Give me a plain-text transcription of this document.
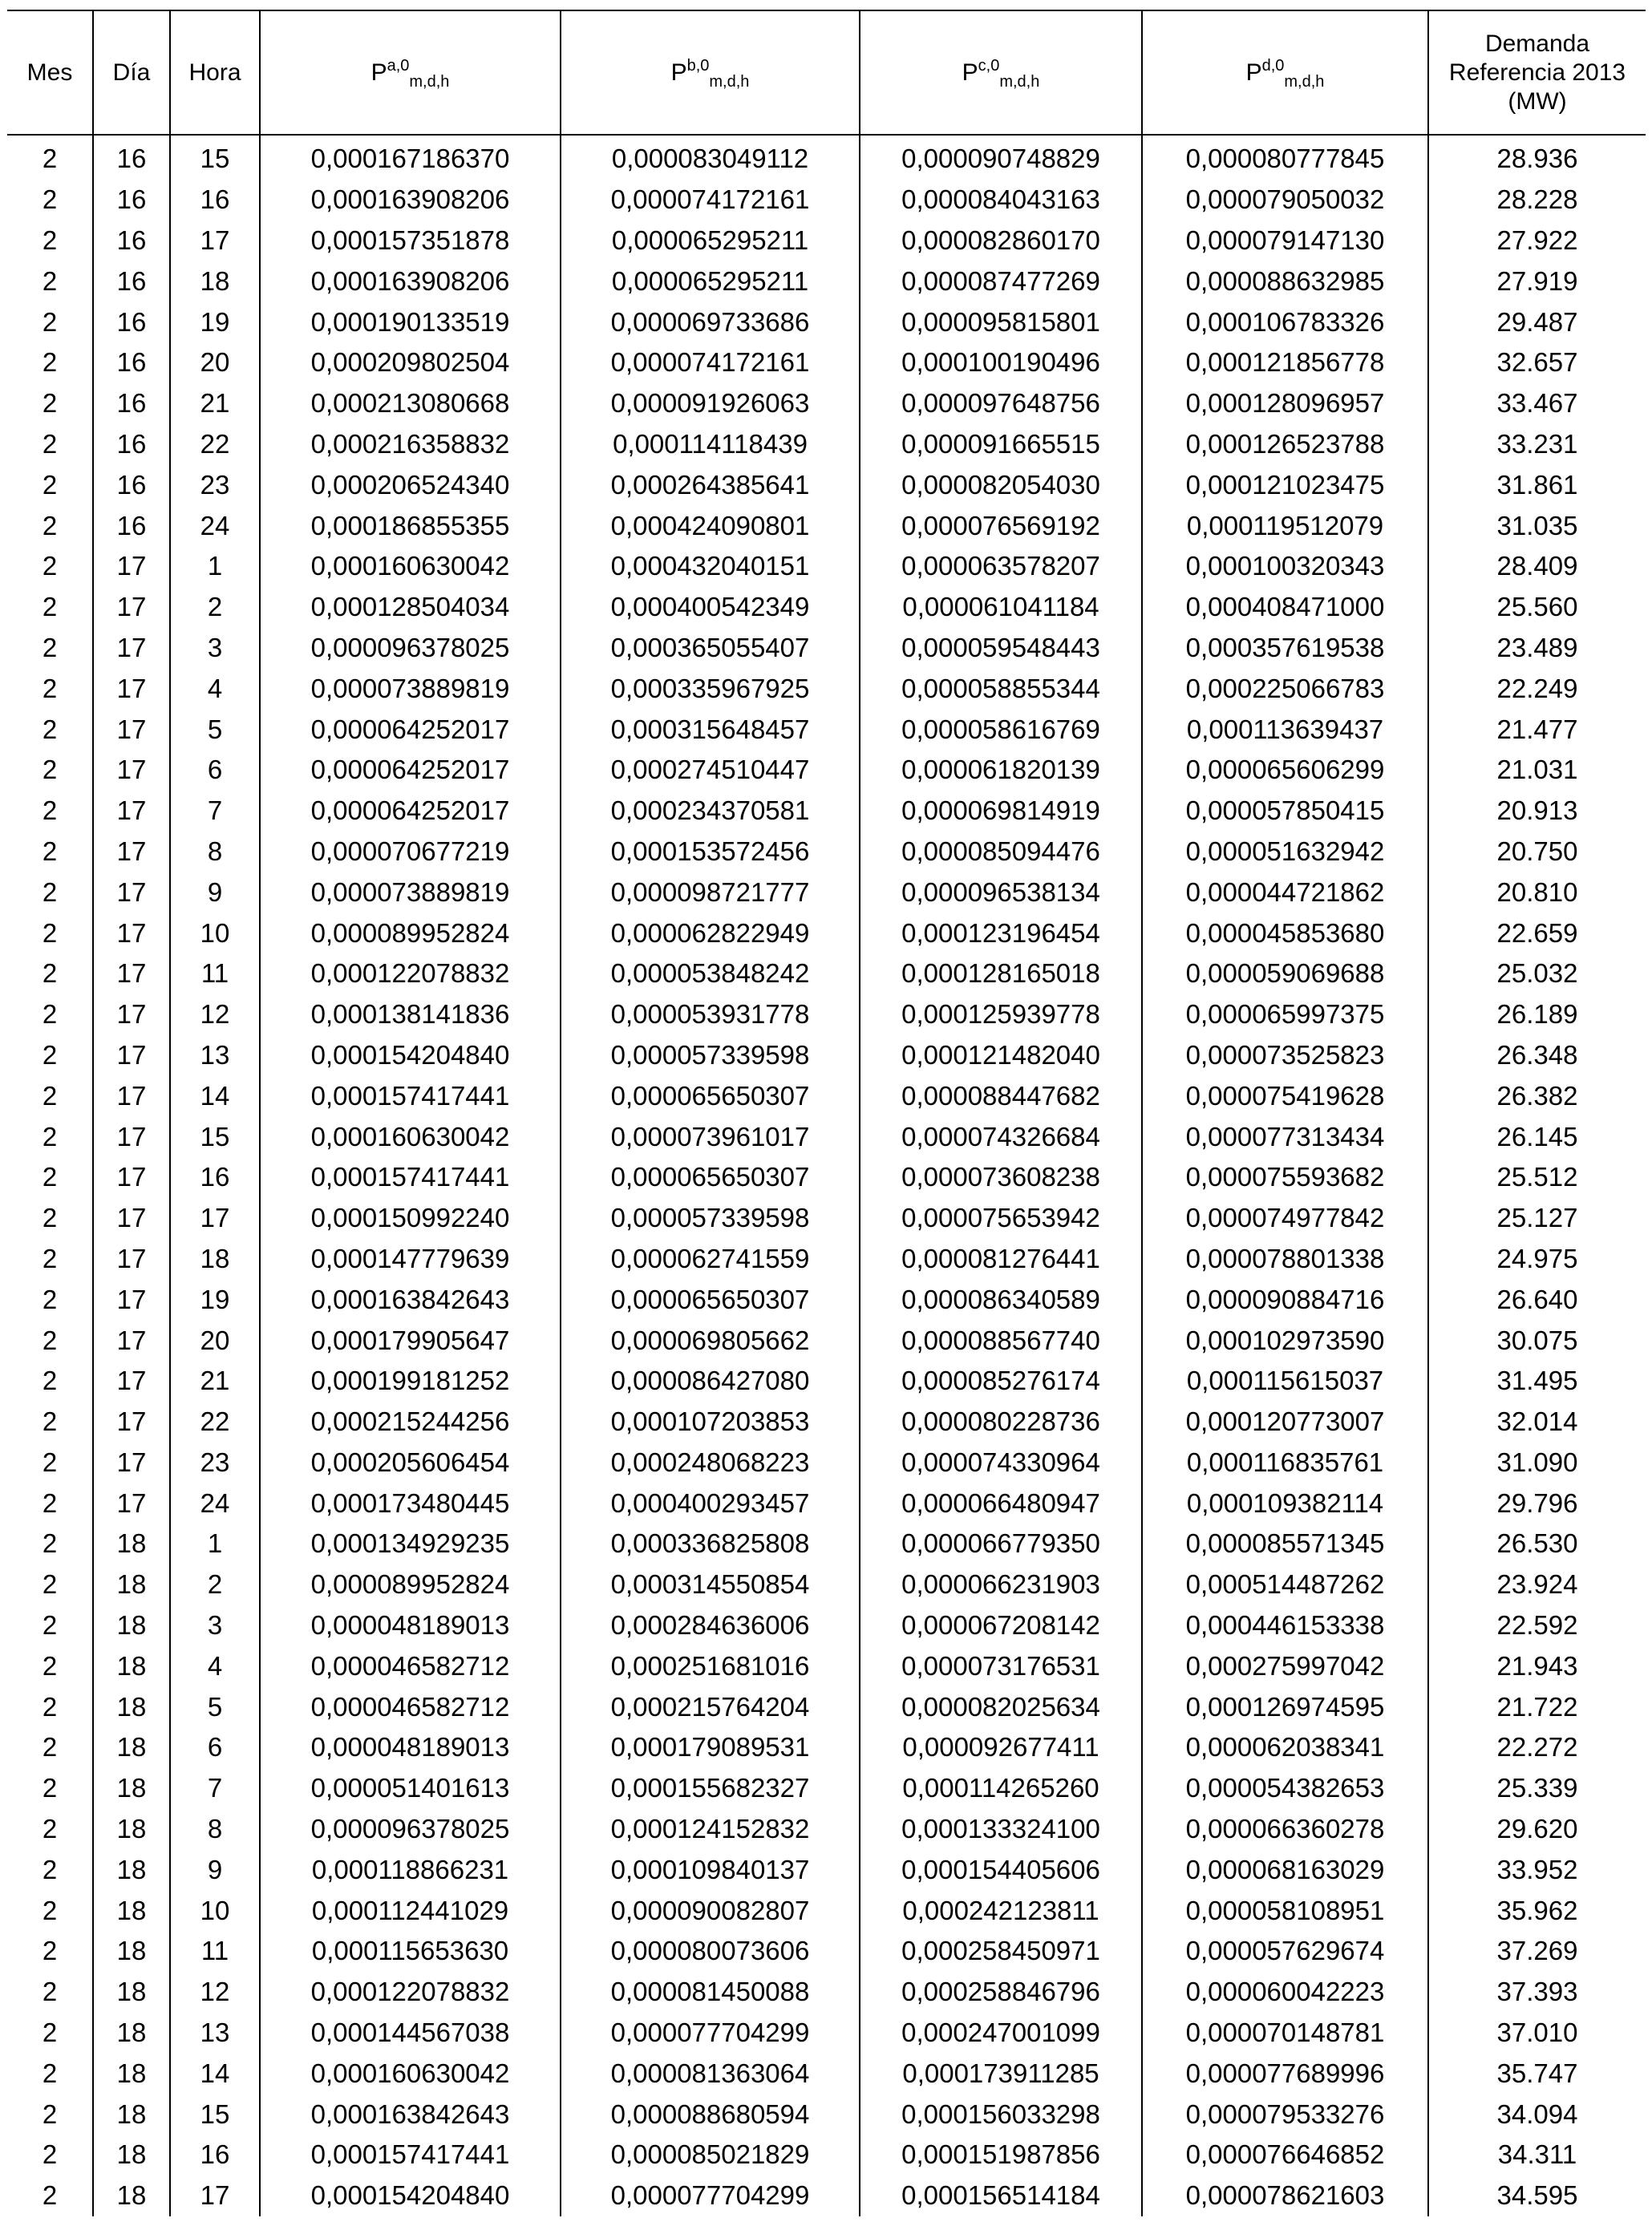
Mes	Día	Hora	P$^{a,0}_{m,d,h}$	P$^{b,0}_{m,d,h}$	P$^{c,0}_{m,d,h}$	P$^{d,0}_{m,d,h}$	Demanda
Referencia 2013
(MW)

2	16	15	0,000167186370	0,000083049112	0,000090748829	0,000080777845	28.936
2	16	16	0,000163908206	0,000074172161	0,000084043163	0,000079050032	28.228
2	16	17	0,000157351878	0,000065295211	0,000082860170	0,000079147130	27.922
2	16	18	0,000163908206	0,000065295211	0,000087477269	0,000088632985	27.919
2	16	19	0,000190133519	0,000069733686	0,000095815801	0,000106783326	29.487
2	16	20	0,000209802504	0,000074172161	0,000100190496	0,000121856778	32.657
2	16	21	0,000213080668	0,000091926063	0,000097648756	0,000128096957	33.467
2	16	22	0,000216358832	0,000114118439	0,000091665515	0,000126523788	33.231
2	16	23	0,000206524340	0,000264385641	0,000082054030	0,000121023475	31.861
2	16	24	0,000186855355	0,000424090801	0,000076569192	0,000119512079	31.035
2	17	1	0,000160630042	0,000432040151	0,000063578207	0,000100320343	28.409
2	17	2	0,000128504034	0,000400542349	0,000061041184	0,000408471000	25.560
2	17	3	0,000096378025	0,000365055407	0,000059548443	0,000357619538	23.489
2	17	4	0,000073889819	0,000335967925	0,000058855344	0,000225066783	22.249
2	17	5	0,000064252017	0,000315648457	0,000058616769	0,000113639437	21.477
2	17	6	0,000064252017	0,000274510447	0,000061820139	0,000065606299	21.031
2	17	7	0,000064252017	0,000234370581	0,000069814919	0,000057850415	20.913
2	17	8	0,000070677219	0,000153572456	0,000085094476	0,000051632942	20.750
2	17	9	0,000073889819	0,000098721777	0,000096538134	0,000044721862	20.810
2	17	10	0,000089952824	0,000062822949	0,000123196454	0,000045853680	22.659
2	17	11	0,000122078832	0,000053848242	0,000128165018	0,000059069688	25.032
2	17	12	0,000138141836	0,000053931778	0,000125939778	0,000065997375	26.189
2	17	13	0,000154204840	0,000057339598	0,000121482040	0,000073525823	26.348
2	17	14	0,000157417441	0,000065650307	0,000088447682	0,000075419628	26.382
2	17	15	0,000160630042	0,000073961017	0,000074326684	0,000077313434	26.145
2	17	16	0,000157417441	0,000065650307	0,000073608238	0,000075593682	25.512
2	17	17	0,000150992240	0,000057339598	0,000075653942	0,000074977842	25.127
2	17	18	0,000147779639	0,000062741559	0,000081276441	0,000078801338	24.975
2	17	19	0,000163842643	0,000065650307	0,000086340589	0,000090884716	26.640
2	17	20	0,000179905647	0,000069805662	0,000088567740	0,000102973590	30.075
2	17	21	0,000199181252	0,000086427080	0,000085276174	0,000115615037	31.495
2	17	22	0,000215244256	0,000107203853	0,000080228736	0,000120773007	32.014
2	17	23	0,000205606454	0,000248068223	0,000074330964	0,000116835761	31.090
2	17	24	0,000173480445	0,000400293457	0,000066480947	0,000109382114	29.796
2	18	1	0,000134929235	0,000336825808	0,000066779350	0,000085571345	26.530
2	18	2	0,000089952824	0,000314550854	0,000066231903	0,000514487262	23.924
2	18	3	0,000048189013	0,000284636006	0,000067208142	0,000446153338	22.592
2	18	4	0,000046582712	0,000251681016	0,000073176531	0,000275997042	21.943
2	18	5	0,000046582712	0,000215764204	0,000082025634	0,000126974595	21.722
2	18	6	0,000048189013	0,000179089531	0,000092677411	0,000062038341	22.272
2	18	7	0,000051401613	0,000155682327	0,000114265260	0,000054382653	25.339
2	18	8	0,000096378025	0,000124152832	0,000133324100	0,000066360278	29.620
2	18	9	0,000118866231	0,000109840137	0,000154405606	0,000068163029	33.952
2	18	10	0,000112441029	0,000090082807	0,000242123811	0,000058108951	35.962
2	18	11	0,000115653630	0,000080073606	0,000258450971	0,000057629674	37.269
2	18	12	0,000122078832	0,000081450088	0,000258846796	0,000060042223	37.393
2	18	13	0,000144567038	0,000077704299	0,000247001099	0,000070148781	37.010
2	18	14	0,000160630042	0,000081363064	0,000173911285	0,000077689996	35.747
2	18	15	0,000163842643	0,000088680594	0,000156033298	0,000079533276	34.094
2	18	16	0,000157417441	0,000085021829	0,000151987856	0,000076646852	34.311
2	18	17	0,000154204840	0,000077704299	0,000156514184	0,000078621603	34.595
